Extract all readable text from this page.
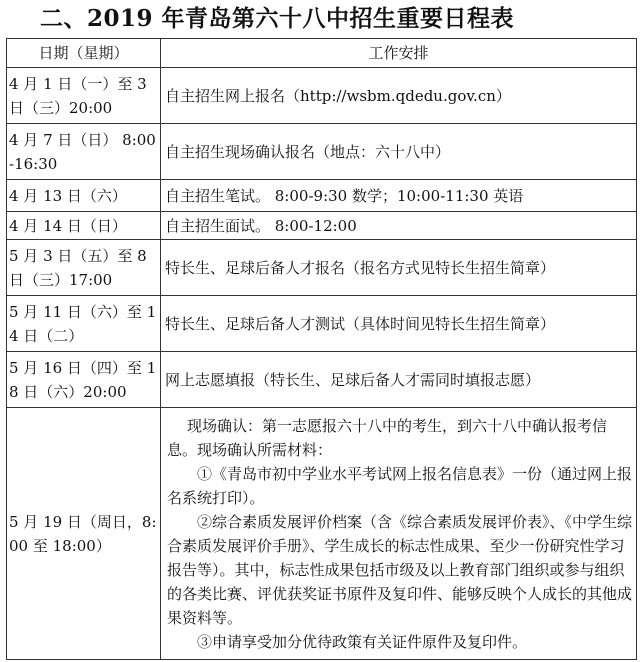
二、2019 年青岛第六十八中招生重要日程表
日期（星期）	工作安排
4 月 1 日（一）至 3 日（三）20:00	自主招生网上报名（http://wsbm.qdedu.gov.cn）
4 月 7 日（日） 8:00-16:30	自主招生现场确认报名（地点：六十八中）
4 月 13 日（六）	自主招生笔试。 8:00-9:30 数学；10:00-11:30 英语
4 月 14 日（日）	自主招生面试。 8:00-12:00
5 月 3 日（五）至 8 日（三）17:00	特长生、足球后备人才报名（报名方式见特长生招生简章）
5 月 11 日（六）至 14 日（二）	特长生、足球后备人才测试（具体时间见特长生招生简章）
5 月 16 日（四）至 18 日（六）20:00	网上志愿填报（特长生、足球后备人才需同时填报志愿）
5 月 19 日（周日，8:00 至 18:00）	现场确认：第一志愿报六十八中的考生，到六十八中确认报考信息。现场确认所需材料：

①《青岛市初中学业水平考试网上报名信息表》一份（通过网上报名系统打印）。

②综合素质发展评价档案（含《综合素质发展评价表》、《中学生综合素质发展评价手册》、学生成长的标志性成果、至少一份研究性学习报告等）。其中，标志性成果包括市级及以上教育部门组织或参与组织的各类比赛、评优获奖证书原件及复印件、能够反映个人成长的其他成果资料等。

③申请享受加分优待政策有关证件原件及复印件。
